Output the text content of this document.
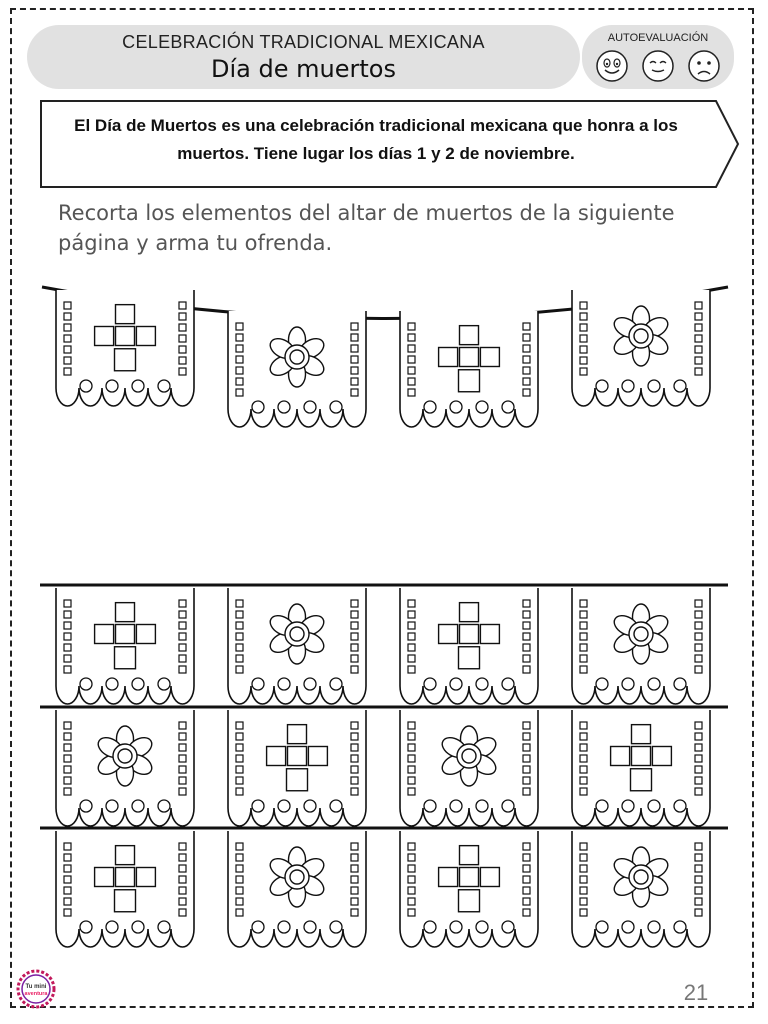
CELEBRACIÓN TRADICIONAL MEXICANA
Día de muertos
AUTOEVALUACIÓN
El Día de Muertos es una celebración tradicional mexicana que honra a los
muertos. Tiene lugar los días 1 y 2 de noviembre.
Recorta los elementos del altar de muertos de la siguiente
página y arma tu ofrenda.
Tu mini
aventura	21
